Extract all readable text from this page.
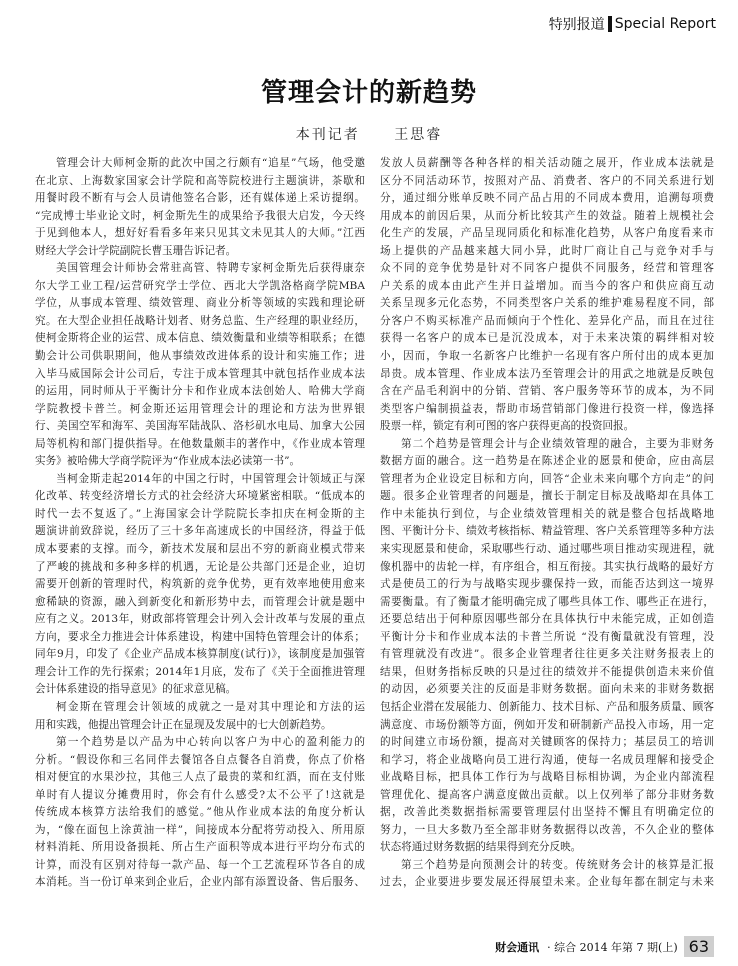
特别报道 Special Report
管理会计的新趋势
本刊记者 王思睿
管理会计大师柯金斯的此次中国之行颇有“追星”气场，他受邀
在北京、上海数家国家会计学院和高等院校进行主题演讲，茶歇和
用餐时段不断有与会人员请他签名合影，还有媒体递上采访提纲。
“完成博士毕业论文时，柯金斯先生的成果给予我很大启发，今天终
于见到他本人，想好好看看多年来只见其文未见其人的大师。”江西
财经大学会计学院副院长曹玉珊告诉记者。
美国管理会计师协会常驻高管、特聘专家柯金斯先后获得康奈
尔大学工业工程/运营研究学士学位、西北大学凯洛格商学院MBA
学位，从事成本管理、绩效管理、商业分析等领域的实践和理论研
究。在大型企业担任战略计划者、财务总监、生产经理的职业经历，
使柯金斯将企业的运营、成本信息、绩效衡量和业绩等相联系；在德
勤会计公司供职期间，他从事绩效改进体系的设计和实施工作；进
入毕马威国际会计公司后，专注于成本管理其中就包括作业成本法
的运用，同时师从于平衡计分卡和作业成本法创始人、哈佛大学商
学院教授卡普兰。柯金斯还运用管理会计的理论和方法为世界银
行、美国空军和海军、美国海军陆战队、洛杉矶水电局、加拿大公园
局等机构和部门提供指导。在他数量颇丰的著作中，《作业成本管理
实务》被哈佛大学商学院评为“作业成本法必读第一书”。
当柯金斯走起2014年的中国之行时，中国管理会计领域正与深
化改革、转变经济增长方式的社会经济大环境紧密相联。“低成本的
时代一去不复返了。”上海国家会计学院院长李扣庆在柯金斯的主
题演讲前致辞说，经历了三十多年高速成长的中国经济，得益于低
成本要素的支撑。而今，新技术发展和层出不穷的新商业模式带来
了严峻的挑战和多种多样的机遇，无论是公共部门还是企业，迫切
需要开创新的管理时代，构筑新的竞争优势，更有效率地使用愈来
愈稀缺的资源，融入到新变化和新形势中去，而管理会计就是题中
应有之义。2013年，财政部将管理会计列入会计改革与发展的重点
方向，要求全力推进会计体系建设，构建中国特色管理会计的体系；
同年9月，印发了《企业产品成本核算制度(试行)》，该制度是加强管
理会计工作的先行探索；2014年1月底，发布了《关于全面推进管理
会计体系建设的指导意见》的征求意见稿。
柯金斯在管理会计领域的成就之一是对其中理论和方法的运
用和实践，他提出管理会计正在显现及发展中的七大创新趋势。
第一个趋势是以产品为中心转向以客户为中心的盈利能力的
分析。“假设你和三名同伴去餐馆各自点餐各自消费，你点了价格
相对便宜的水果沙拉，其他三人点了最贵的菜和红酒，而在支付账
单时有人提议分摊费用时，你会有什么感受?太不公平了!这就是
传统成本核算方法给我们的感觉。”他从作业成本法的角度分析认
为，“像在面包上涂黄油一样”，间接成本分配将劳动投入、所用原
材料消耗、所用设备损耗、所占生产面积等成本进行平均分布式的
计算，而没有区别对待每一款产品、每一个工艺流程环节各自的成
本消耗。当一份订单来到企业后，企业内部有添置设备、售后服务、
发放人员薪酬等各种各样的相关活动随之展开，作业成本法就是
区分不同活动环节，按照对产品、消费者、客户的不同关系进行划
分，通过细分账单反映不同产品占用的不同成本费用，追溯每项费
用成本的前因后果，从而分析比较其产生的效益。随着上规模社会
化生产的发展，产品呈现同质化和标准化趋势，从客户角度看来市
场上提供的产品越来越大同小异，此时厂商让自己与竞争对手与
众不同的竞争优势是针对不同客户提供不同服务，经营和管理客
户关系的成本由此产生并日益增加。而当今的客户和供应商互动
关系呈现多元化态势，不同类型客户关系的维护难易程度不同，部
分客户不购买标准产品而倾向于个性化、差异化产品，而且在过往
获得一名客户的成本已是沉没成本，对于未来决策的羁绊相对较
小，因而，争取一名新客户比维护一名现有客户所付出的成本更加
昂贵。成本管理、作业成本法乃至管理会计的用武之地就是反映包
含在产品毛利润中的分销、营销、客户服务等环节的成本，为不同
类型客户编制损益表，帮助市场营销部门像进行投资一样，像选择
股票一样，锁定有利可图的客户获得更高的投资回报。
第二个趋势是管理会计与企业绩效管理的融合，主要为非财务
数据方面的融合。这一趋势是在陈述企业的愿景和使命，应由高层
管理者为企业设定目标和方向，回答“企业未来向哪个方向走”的问
题。很多企业管理者的问题是，擅长于制定目标及战略却在具体工
作中未能执行到位，与企业绩效管理相关的就是整合包括战略地
图、平衡计分卡、绩效考核指标、精益管理、客户关系管理等多种方法
来实现愿景和使命，采取哪些行动、通过哪些项目推动实现进程，就
像机器中的齿轮一样，有序组合，相互衔接。其实执行战略的最好方
式是使员工的行为与战略实现步骤保持一致，而能否达到这一境界
需要衡量。有了衡量才能明确完成了哪些具体工作、哪些正在进行，
还要总结出于何种原因哪些部分在具体执行中未能完成，正如创造
平衡计分卡和作业成本法的卡普兰所说 “没有衡量就没有管理，没
有管理就没有改进”。很多企业管理者往往更多关注财务报表上的
结果，但财务指标反映的只是过往的绩效并不能提供创造未来价值
的动因，必须要关注的反面是非财务数据。面向未来的非财务数据
包括企业潜在发展能力、创新能力、技术目标、产品和服务质量、顾客
满意度、市场份额等方面，例如开发和研制新产品投入市场，用一定
的时间建立市场份额，提高对关键顾客的保持力；基层员工的培训
和学习，将企业战略向员工进行沟通，使每一名成员理解和接受企
业战略目标，把具体工作行为与战略目标相协调，为企业内部流程
管理优化、提高客户满意度做出贡献。以上仅列举了部分非财务数
据，改善此类数据指标需要管理层付出坚持不懈且有明确定位的
努力，一旦大多数乃至全部非财务数据得以改善，不久企业的整体
状态将通过财务数据的结果得到充分反映。
第三个趋势是向预测会计的转变。传统财务会计的核算是汇报
过去，企业要进步要发展还得展望未来。企业每年都在制定与未来
财会通讯 · 综合 2014 年第 7 期(上) 63
